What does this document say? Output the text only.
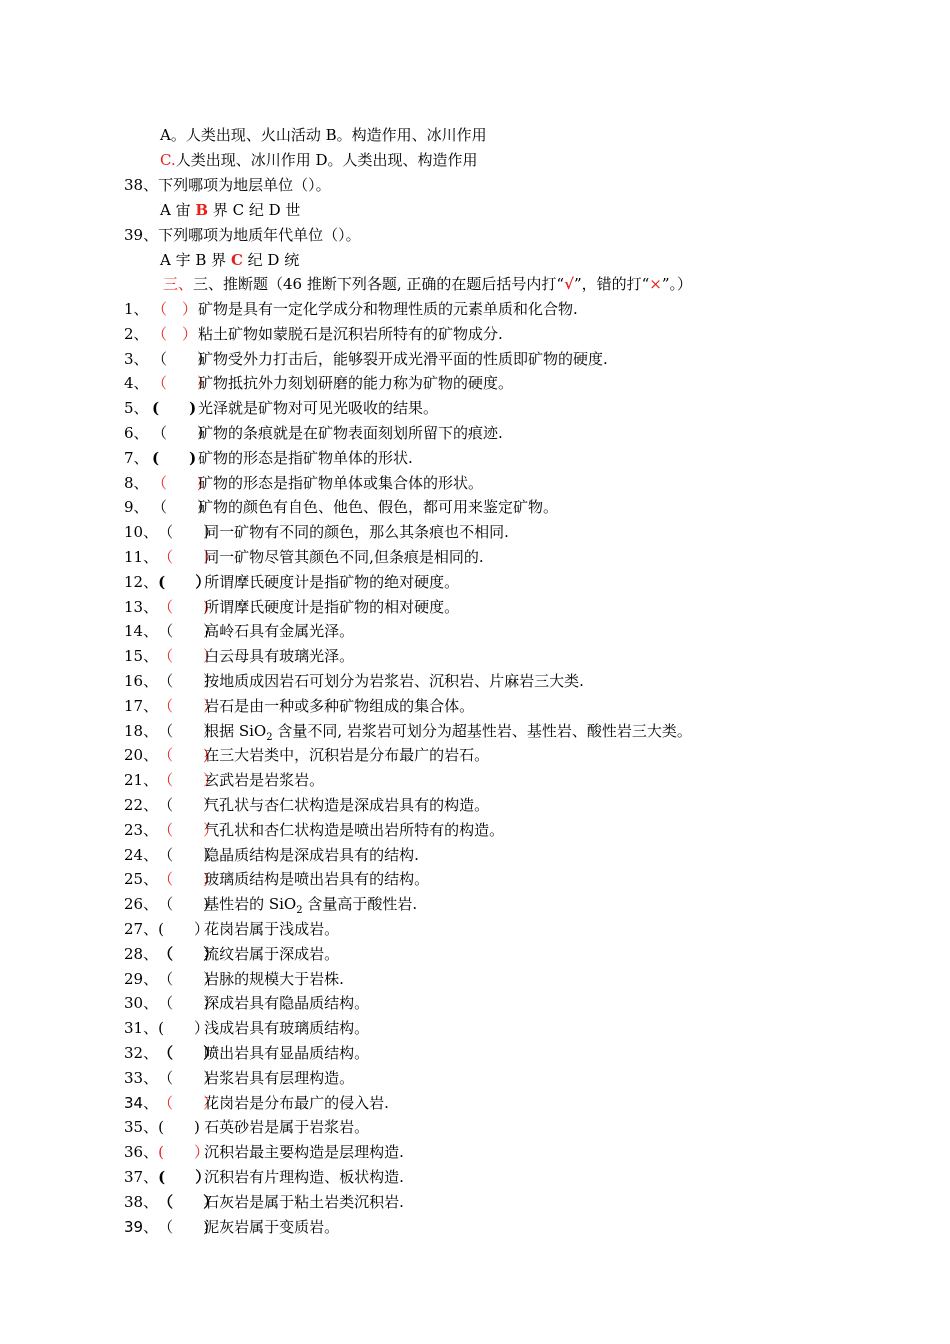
A。人类出现、火山活动 B。构造作用、冰川作用
C.人类出现、冰川作用 D。人类出现、构造作用
38、下列哪项为地层单位（）。
A 宙 B 界 C 纪 D 世
39、下列哪项为地质年代单位（）。
A 宇 B 界 C 纪 D 统
三、三、推断题（46 推断下列各题, 正确的在题后括号内打“√”，错的打“×”。）
1、 （　）矿物是具有一定化学成分和物理性质的元素单质和化合物.
2、 （　）粘土矿物如蒙脱石是沉积岩所特有的矿物成分.
3、 （　　）矿物受外力打击后，能够裂开成光滑平面的性质即矿物的硬度.
4、 （　　）矿物抵抗外力刻划研磨的能力称为矿物的硬度。
5、 (　　) 光泽就是矿物对可见光吸收的结果。
6、 （　　）矿物的条痕就是在矿物表面刻划所留下的痕迹.
7、 (　　) 矿物的形态是指矿物单体的形状.
8、 （　　)矿物的形态是指矿物单体或集合体的形状。
9、 （　　）矿物的颜色有自色、他色、假色，都可用来鉴定矿物。
10、（　　）同一矿物有不同的颜色，那么其条痕也不相同.
11、（　　）同一矿物尽管其颜色不同,但条痕是相同的.
12、(　　）所谓摩氏硬度计是指矿物的绝对硬度。
13、（　　)所谓摩氏硬度计是指矿物的相对硬度。
14、（　　）高岭石具有金属光泽。
15、（　　）白云母具有玻璃光泽。
16、（　　）按地质成因岩石可划分为岩浆岩、沉积岩、片麻岩三大类.
17、（　　）岩石是由一种或多种矿物组成的集合体。
18、（　　）根据 SiO$_2$ 含量不同, 岩浆岩可划分为超基性岩、基性岩、酸性岩三大类。
20、（　　)在三大岩类中，沉积岩是分布最广的岩石。
21、（　　）玄武岩是岩浆岩。
22、（　　）气孔状与杏仁状构造是深成岩具有的构造。
23、（　　）气孔状和杏仁状构造是喷出岩所特有的构造。
24、（　　）隐晶质结构是深成岩具有的结构.
25、（　　)玻璃质结构是喷出岩具有的结构。
26、（　　)基性岩的 SiO$_2$ 含量高于酸性岩.
27、(　　）花岗岩属于浅成岩。
28、（　　）流纹岩属于深成岩。
29、（　　）岩脉的规模大于岩株.
30、（　　）深成岩具有隐晶质结构。
31、(　　）浅成岩具有玻璃质结构。
32、（　　）喷出岩具有显晶质结构。
33、（　　）岩浆岩具有层理构造。
34、（　　）花岗岩是分布最广的侵入岩.
35、(　　) 石英砂岩是属于岩浆岩。
36、(　　）沉积岩最主要构造是层理构造.
37、(　　）沉积岩有片理构造、板状构造.
38、（　　）石灰岩是属于粘土岩类沉积岩.
39、（　　)泥灰岩属于变质岩。
